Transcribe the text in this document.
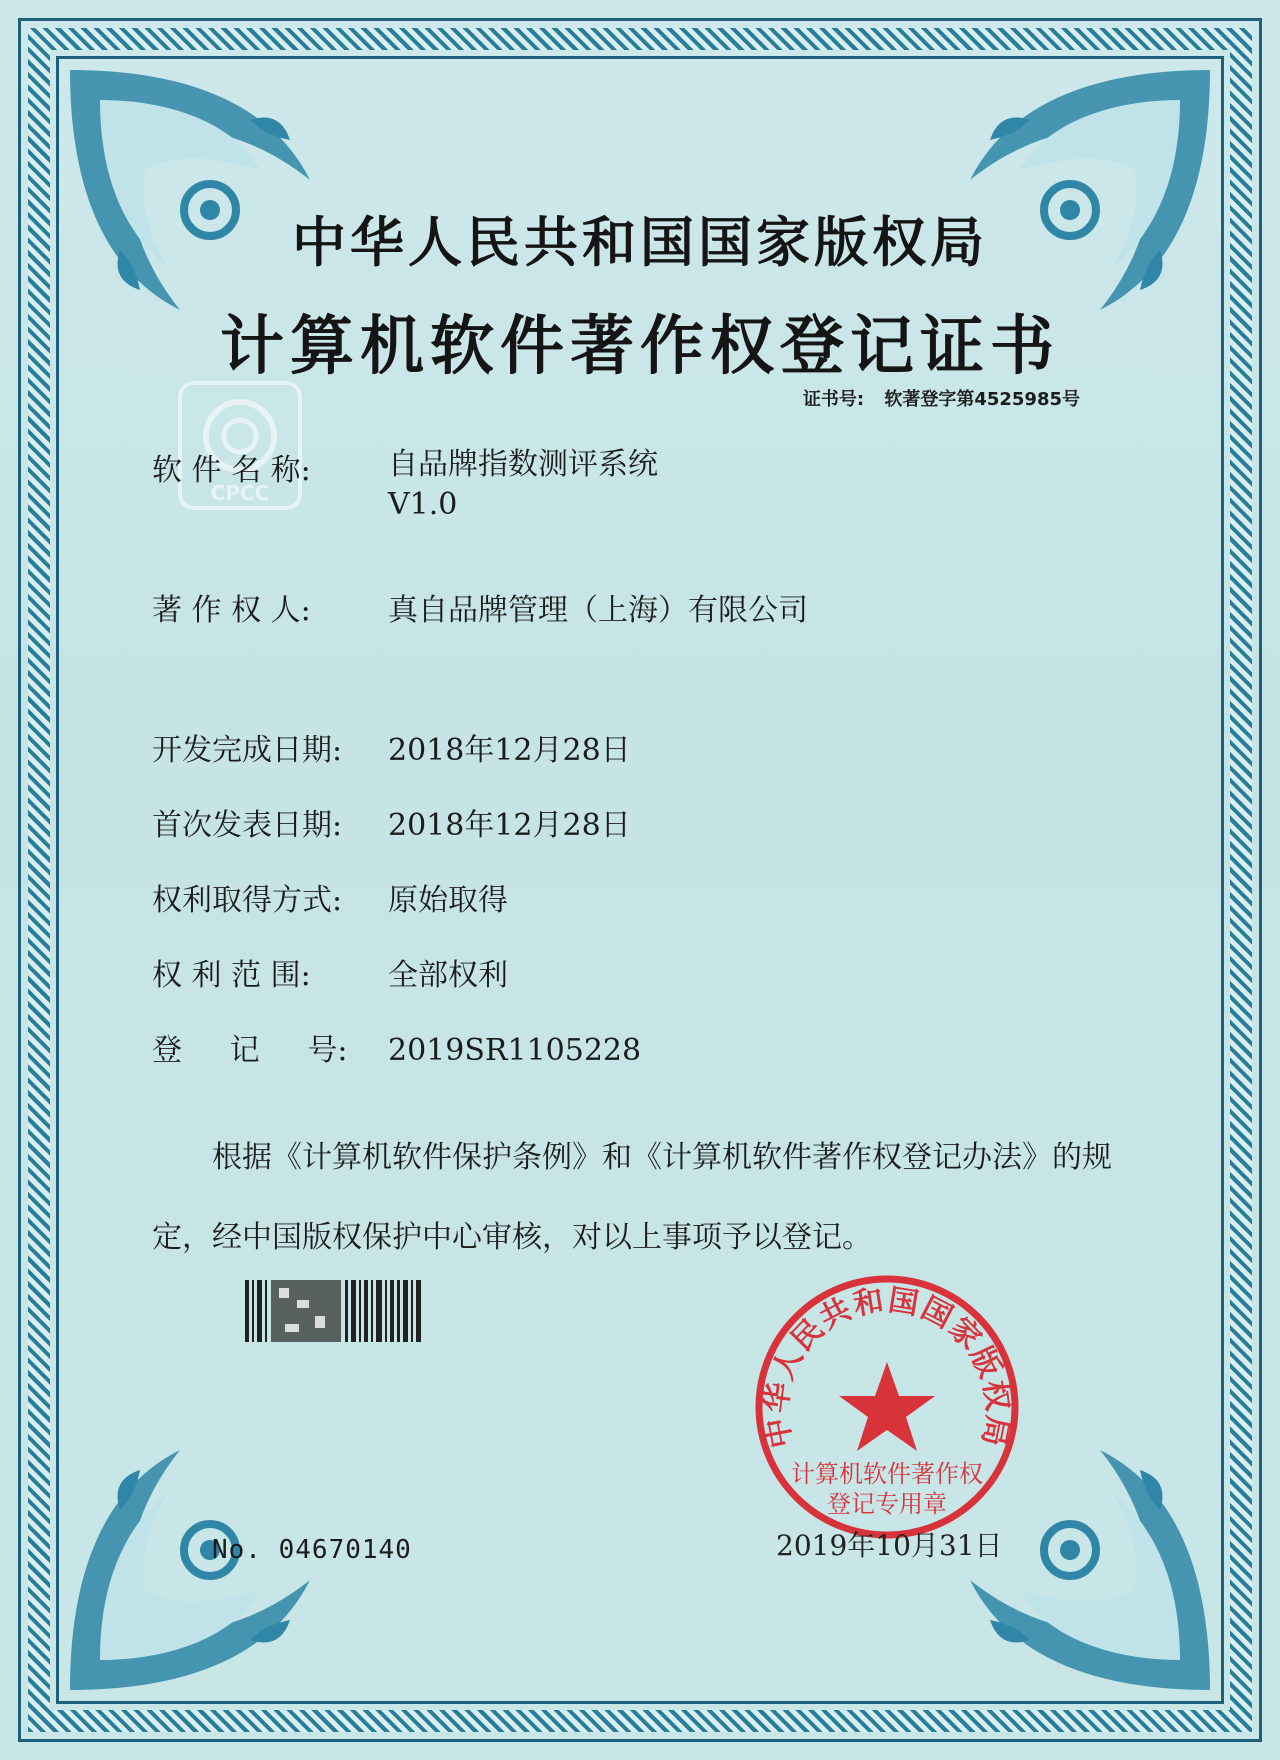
CPCC
中华人民共和国国家版权局
计算机软件著作权登记证书
证书号: 软著登字第4525985号
软 件 名 称:	自品牌指数测评系统
V1.0
著 作 权 人:	真自品牌管理（上海）有限公司
开发完成日期: 2018年12月28日
首次发表日期: 2018年12月28日
权利取得方式: 原始取得
权 利 范 围:	全部权利
登     记     号: 2019SR1105228
根据《计算机软件保护条例》和《计算机软件著作权登记办法》的规定，经中国版权保护中心审核，对以上事项予以登记。
No. 04670140
中华人民共和国国家版权局
计算机软件著作权
登记专用章
2019年10月31日
